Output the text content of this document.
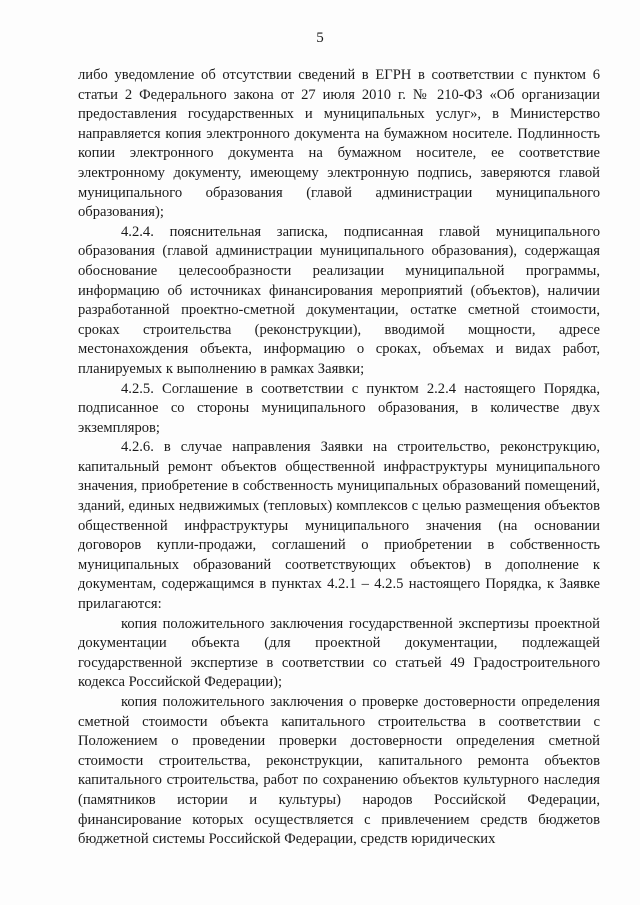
5

либо уведомление об отсутствии сведений в ЕГРН в соответствии с пунктом 6 статьи 2 Федерального закона от 27 июля 2010 г. № 210-ФЗ «Об организации предоставления государственных и муниципальных услуг», в Министерство направляется копия электронного документа на бумажном носителе. Подлинность копии электронного документа на бумажном носителе, ее соответствие электронному документу, имеющему электронную подпись, заверяются главой муниципального образования (главой администрации муниципального образования);

4.2.4. пояснительная записка, подписанная главой муниципального образования (главой администрации муниципального образования), содержащая обоснование целесообразности реализации муниципальной программы, информацию об источниках финансирования мероприятий (объектов), наличии разработанной проектно-сметной документации, остатке сметной стоимости, сроках строительства (реконструкции), вводимой мощности, адресе местонахождения объекта, информацию о сроках, объемах и видах работ, планируемых к выполнению в рамках Заявки;

4.2.5. Соглашение в соответствии с пунктом 2.2.4 настоящего Порядка, подписанное со стороны муниципального образования, в количестве двух экземпляров;

4.2.6. в случае направления Заявки на строительство, реконструкцию, капитальный ремонт объектов общественной инфраструктуры муниципального значения, приобретение в собственность муниципальных образований помещений, зданий, единых недвижимых (тепловых) комплексов с целью размещения объектов общественной инфраструктуры муниципального значения (на основании договоров купли-продажи, соглашений о приобретении в собственность муниципальных образований соответствующих объектов) в дополнение к документам, содержащимся в пунктах 4.2.1 – 4.2.5 настоящего Порядка, к Заявке прилагаются:

копия положительного заключения государственной экспертизы проектной документации объекта (для проектной документации, подлежащей государственной экспертизе в соответствии со статьей 49 Градостроительного кодекса Российской Федерации);

копия положительного заключения о проверке достоверности определения сметной стоимости объекта капитального строительства в соответствии с Положением о проведении проверки достоверности определения сметной стоимости строительства, реконструкции, капитального ремонта объектов капитального строительства, работ по сохранению объектов культурного наследия (памятников истории и культуры) народов Российской Федерации, финансирование которых осуществляется с привлечением средств бюджетов бюджетной системы Российской Федерации, средств юридических
